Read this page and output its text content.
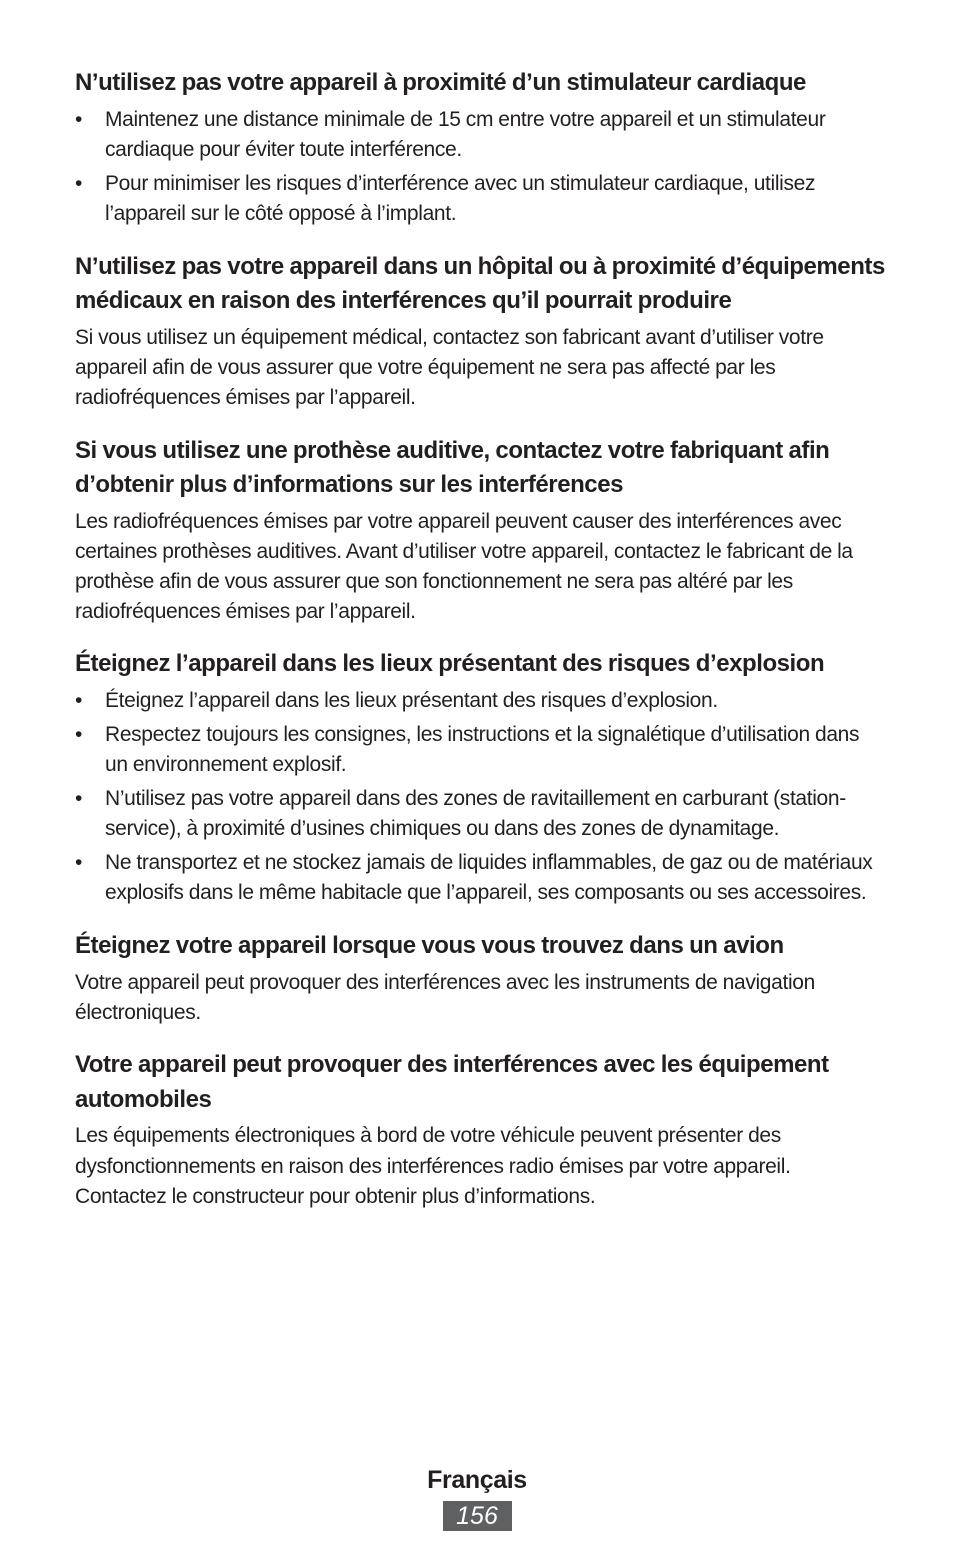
N’utilisez pas votre appareil à proximité d’un stimulateur cardiaque
• Maintenez une distance minimale de 15 cm entre votre appareil et un stimulateur cardiaque pour éviter toute interférence.
• Pour minimiser les risques d’interférence avec un stimulateur cardiaque, utilisez l’appareil sur le côté opposé à l’implant.
N’utilisez pas votre appareil dans un hôpital ou à proximité d’équipements médicaux en raison des interférences qu’il pourrait produire

Si vous utilisez un équipement médical, contactez son fabricant avant d’utiliser votre appareil afin de vous assurer que votre équipement ne sera pas affecté par les radiofréquences émises par l’appareil.

Si vous utilisez une prothèse auditive, contactez votre fabriquant afin d’obtenir plus d’informations sur les interférences

Les radiofréquences émises par votre appareil peuvent causer des interférences avec certaines prothèses auditives. Avant d’utiliser votre appareil, contactez le fabricant de la prothèse afin de vous assurer que son fonctionnement ne sera pas altéré par les radiofréquences émises par l’appareil.

Éteignez l’appareil dans les lieux présentant des risques d’explosion
• Éteignez l’appareil dans les lieux présentant des risques d’explosion.
• Respectez toujours les consignes, les instructions et la signalétique d’utilisation dans un environnement explosif.
• N’utilisez pas votre appareil dans des zones de ravitaillement en carburant (station-service), à proximité d’usines chimiques ou dans des zones de dynamitage.
• Ne transportez et ne stockez jamais de liquides inflammables, de gaz ou de matériaux explosifs dans le même habitacle que l’appareil, ses composants ou ses accessoires.
Éteignez votre appareil lorsque vous vous trouvez dans un avion

Votre appareil peut provoquer des interférences avec les instruments de navigation électroniques.

Votre appareil peut provoquer des interférences avec les équipement automobiles

Les équipements électroniques à bord de votre véhicule peuvent présenter des dysfonctionnements en raison des interférences radio émises par votre appareil. Contactez le constructeur pour obtenir plus d’informations.

Français
156
